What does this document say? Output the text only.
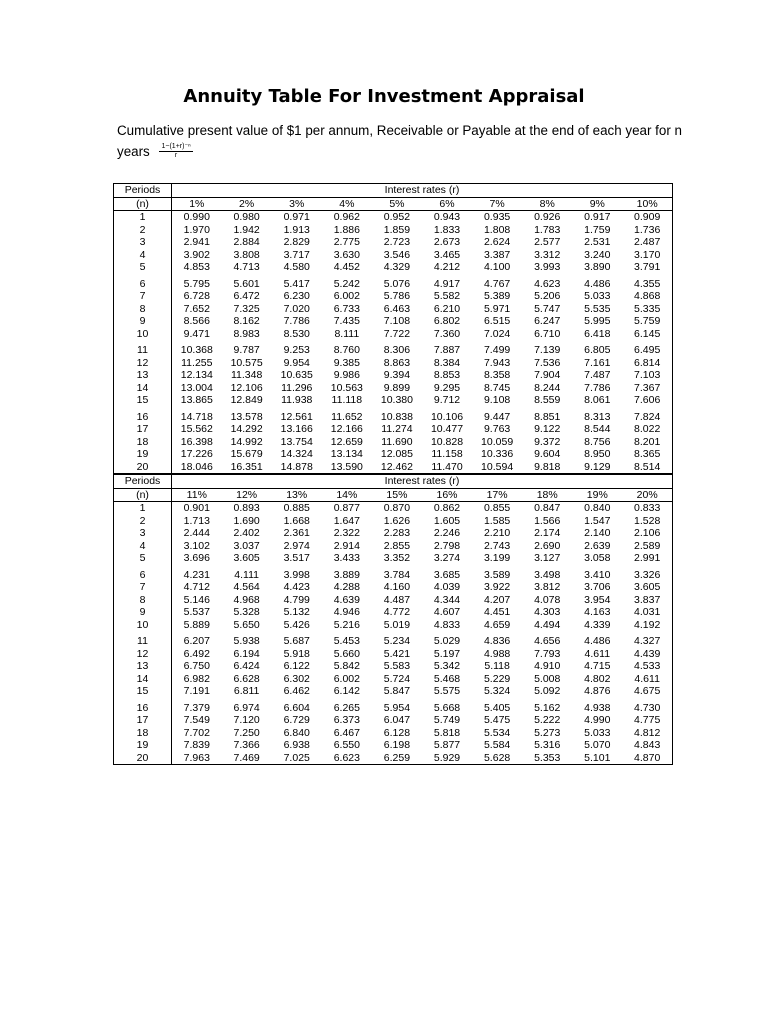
Annuity Table For Investment Appraisal
Cumulative present value of $1 per annum, Receivable or Payable at the end of each year for n
years $\frac{\text{1−(1+r)⁻ⁿ}}{r}$
Periods	Interest rates (r)									
(n)	1%	2%	3%	4%	5%	6%	7%	8%	9%	10%
1	0.990	0.980	0.971	0.962	0.952	0.943	0.935	0.926	0.917	0.909
2	1.970	1.942	1.913	1.886	1.859	1.833	1.808	1.783	1.759	1.736
3	2.941	2.884	2.829	2.775	2.723	2.673	2.624	2.577	2.531	2.487
4	3.902	3.808	3.717	3.630	3.546	3.465	3.387	3.312	3.240	3.170
5	4.853	4.713	4.580	4.452	4.329	4.212	4.100	3.993	3.890	3.791
6	5.795	5.601	5.417	5.242	5.076	4.917	4.767	4.623	4.486	4.355
7	6.728	6.472	6.230	6.002	5.786	5.582	5.389	5.206	5.033	4.868
8	7.652	7.325	7.020	6.733	6.463	6.210	5.971	5.747	5.535	5.335
9	8.566	8.162	7.786	7.435	7.108	6.802	6.515	6.247	5.995	5.759
10	9.471	8.983	8.530	8.111	7.722	7.360	7.024	6.710	6.418	6.145
11	10.368	9.787	9.253	8.760	8.306	7.887	7.499	7.139	6.805	6.495
12	11.255	10.575	9.954	9.385	8.863	8.384	7.943	7.536	7.161	6.814
13	12.134	11.348	10.635	9.986	9.394	8.853	8.358	7.904	7.487	7.103
14	13.004	12.106	11.296	10.563	9.899	9.295	8.745	8.244	7.786	7.367
15	13.865	12.849	11.938	11.118	10.380	9.712	9.108	8.559	8.061	7.606
16	14.718	13.578	12.561	11.652	10.838	10.106	9.447	8.851	8.313	7.824
17	15.562	14.292	13.166	12.166	11.274	10.477	9.763	9.122	8.544	8.022
18	16.398	14.992	13.754	12.659	11.690	10.828	10.059	9.372	8.756	8.201
19	17.226	15.679	14.324	13.134	12.085	11.158	10.336	9.604	8.950	8.365
20	18.046	16.351	14.878	13.590	12.462	11.470	10.594	9.818	9.129	8.514
Periods	Interest rates (r)									
(n)	11%	12%	13%	14%	15%	16%	17%	18%	19%	20%
1	0.901	0.893	0.885	0.877	0.870	0.862	0.855	0.847	0.840	0.833
2	1.713	1.690	1.668	1.647	1.626	1.605	1.585	1.566	1.547	1.528
3	2.444	2.402	2.361	2.322	2.283	2.246	2.210	2.174	2.140	2.106
4	3.102	3.037	2.974	2.914	2.855	2.798	2.743	2.690	2.639	2.589
5	3.696	3.605	3.517	3.433	3.352	3.274	3.199	3.127	3.058	2.991
6	4.231	4.111	3.998	3.889	3.784	3.685	3.589	3.498	3.410	3.326
7	4.712	4.564	4.423	4.288	4.160	4.039	3.922	3.812	3.706	3.605
8	5.146	4.968	4.799	4.639	4.487	4.344	4.207	4.078	3.954	3.837
9	5.537	5.328	5.132	4.946	4.772	4.607	4.451	4.303	4.163	4.031
10	5.889	5.650	5.426	5.216	5.019	4.833	4.659	4.494	4.339	4.192
11	6.207	5.938	5.687	5.453	5.234	5.029	4.836	4.656	4.486	4.327
12	6.492	6.194	5.918	5.660	5.421	5.197	4.988	7.793	4.611	4.439
13	6.750	6.424	6.122	5.842	5.583	5.342	5.118	4.910	4.715	4.533
14	6.982	6.628	6.302	6.002	5.724	5.468	5.229	5.008	4.802	4.611
15	7.191	6.811	6.462	6.142	5.847	5.575	5.324	5.092	4.876	4.675
16	7.379	6.974	6.604	6.265	5.954	5.668	5.405	5.162	4.938	4.730
17	7.549	7.120	6.729	6.373	6.047	5.749	5.475	5.222	4.990	4.775
18	7.702	7.250	6.840	6.467	6.128	5.818	5.534	5.273	5.033	4.812
19	7.839	7.366	6.938	6.550	6.198	5.877	5.584	5.316	5.070	4.843
20	7.963	7.469	7.025	6.623	6.259	5.929	5.628	5.353	5.101	4.870
